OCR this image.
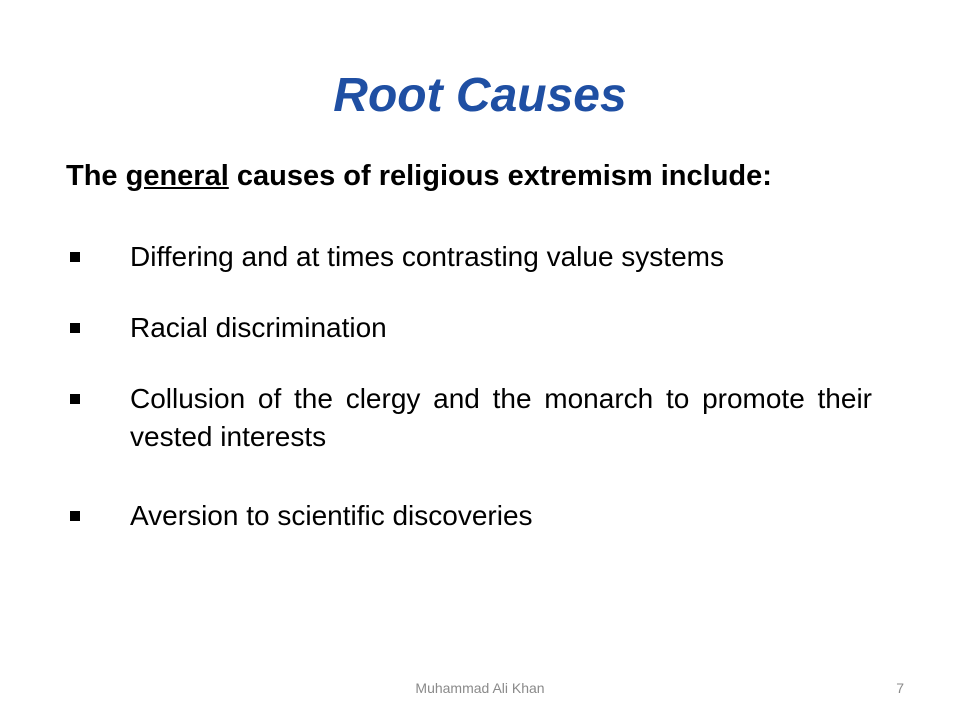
Root Causes
The general causes of religious extremism include:
Differing and at times contrasting value systems
Racial discrimination
Collusion of the clergy and the monarch to promote their vested interests
Aversion to scientific discoveries
Muhammad Ali Khan	7
